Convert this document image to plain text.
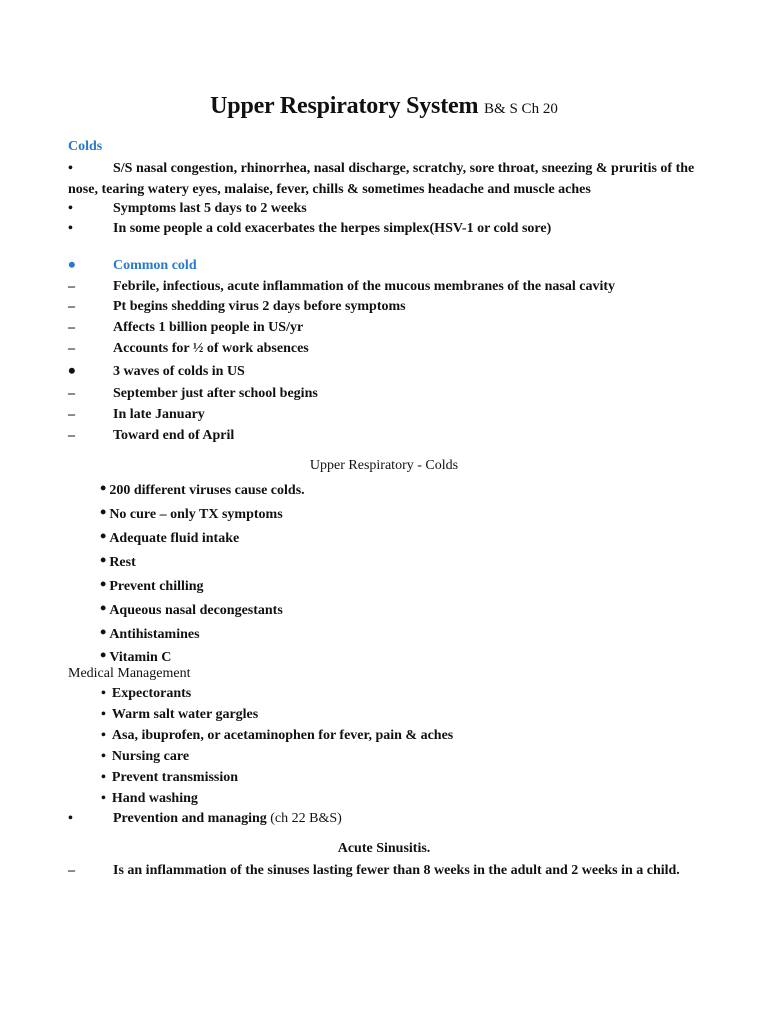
Upper Respiratory System B& S Ch 20
Colds
•	S/S nasal congestion, rhinorrhea, nasal discharge, scratchy, sore throat, sneezing & pruritis of the nose, tearing watery eyes, malaise, fever, chills & sometimes headache and muscle aches
•	Symptoms last 5 days to 2 weeks
•	In some people a cold exacerbates the herpes simplex(HSV-1 or cold sore)
•	Common cold
–	Febrile, infectious, acute inflammation of the mucous membranes of the nasal cavity
–	Pt begins shedding virus 2 days before symptoms
–	Affects 1 billion people in US/yr
–	Accounts for ½ of work absences
•	3 waves of colds in US
–	September just after school begins
–	In late January
–	Toward end of April
Upper Respiratory - Colds
• 200 different viruses cause colds.
• No cure – only TX symptoms
• Adequate fluid intake
• Rest
• Prevent chilling
• Aqueous nasal decongestants
• Antihistamines
• Vitamin C
Medical Management
• Expectorants
• Warm salt water gargles
• Asa, ibuprofen, or acetaminophen for fever, pain & aches
• Nursing care
• Prevent transmission
• Hand washing
•	Prevention and managing (ch 22 B&S)
Acute Sinusitis.
–	Is an inflammation of the sinuses lasting fewer than 8 weeks in the adult and 2 weeks in a child.
